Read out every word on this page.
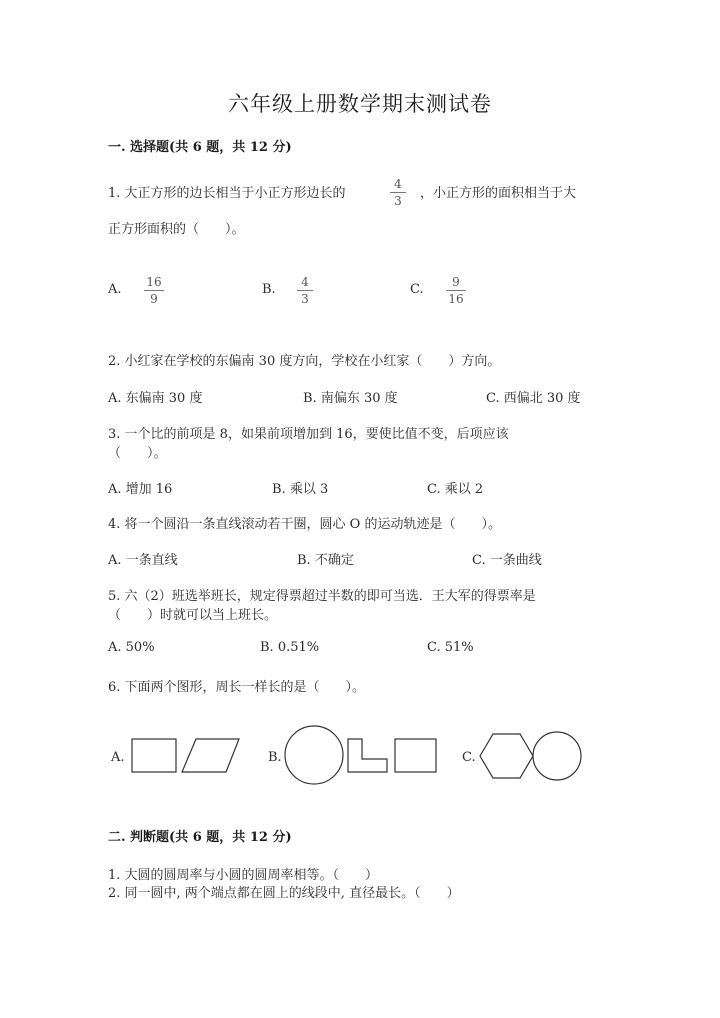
六年级上册数学期末测试卷
一. 选择题(共 6 题，共 12 分)
1. 大正方形的边长相当于小正方形边长的
4
3	，小正方形的面积相当于大
正方形面积的（　　）。
A. 16
9
B.	4
3
C.	9
16
2. 小红家在学校的东偏南 30 度方向，学校在小红家（　　）方向。
A. 东偏南 30 度	B. 南偏东 30 度	C. 西偏北 30 度
3. 一个比的前项是 8，如果前项增加到 16，要使比值不变，后项应该
（　　）。
A. 增加 16	B. 乘以 3	C. 乘以 2
4. 将一个圆沿一条直线滚动若干圈，圆心 O 的运动轨迹是（　　）。
A. 一条直线	B. 不确定	C. 一条曲线
5. 六（2）班选举班长，规定得票超过半数的即可当选．王大军的得票率是
（　　）时就可以当上班长。
A. 50%	B. 0.51%	C. 51%
6. 下面两个图形，周长一样长的是（　　）。
A.	B.	C.
二. 判断题(共 6 题，共 12 分)
1. 大圆的圆周率与小圆的圆周率相等。（　　）
2. 同一圆中, 两个端点都在圆上的线段中, 直径最长。（　　）
